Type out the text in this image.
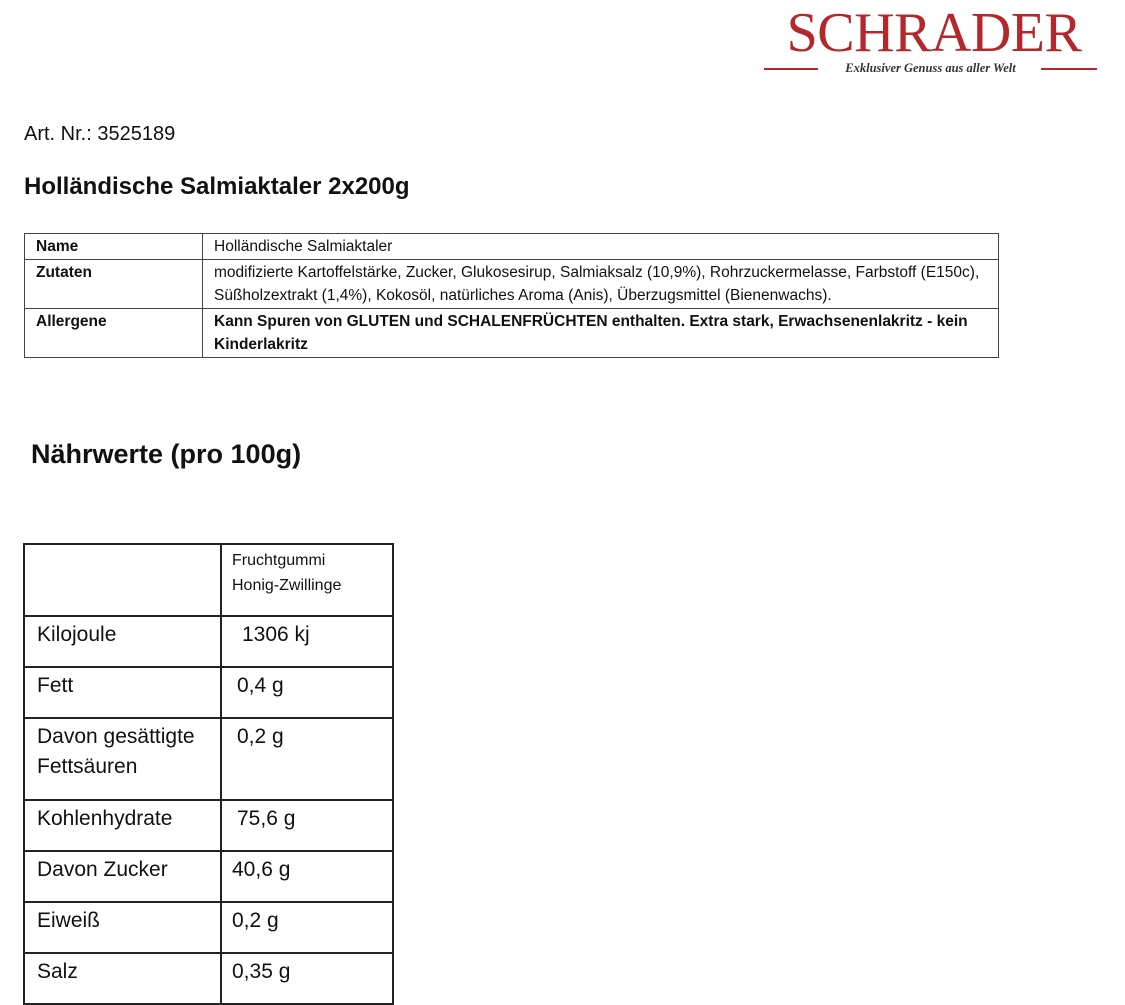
SCHRADER
Exklusiver Genuss aus aller Welt
Art. Nr.: 3525189
Holländische Salmiaktaler 2x200g
Name	Holländische Salmiaktaler
Zutaten	modifizierte Kartoffelstärke, Zucker, Glukosesirup, Salmiaksalz (10,9%), Rohrzuckermelasse, Farbstoff (E150c), Süßholzextrakt (1,4%), Kokosöl, natürliches Aroma (Anis), Überzugsmittel (Bienenwachs).
Allergene	Kann Spuren von GLUTEN und SCHALENFRÜCHTEN enthalten. Extra stark, Erwachsenenlakritz - kein Kinderlakritz
Nährwerte (pro 100g)
	Fruchtgummi
Honig-Zwillinge
Kilojoule	1306 kj
Fett	0,4 g
Davon gesättigte Fettsäuren	0,2 g
Kohlenhydrate	75,6 g
Davon Zucker	40,6 g
Eiweiß	0,2 g
Salz	0,35 g
